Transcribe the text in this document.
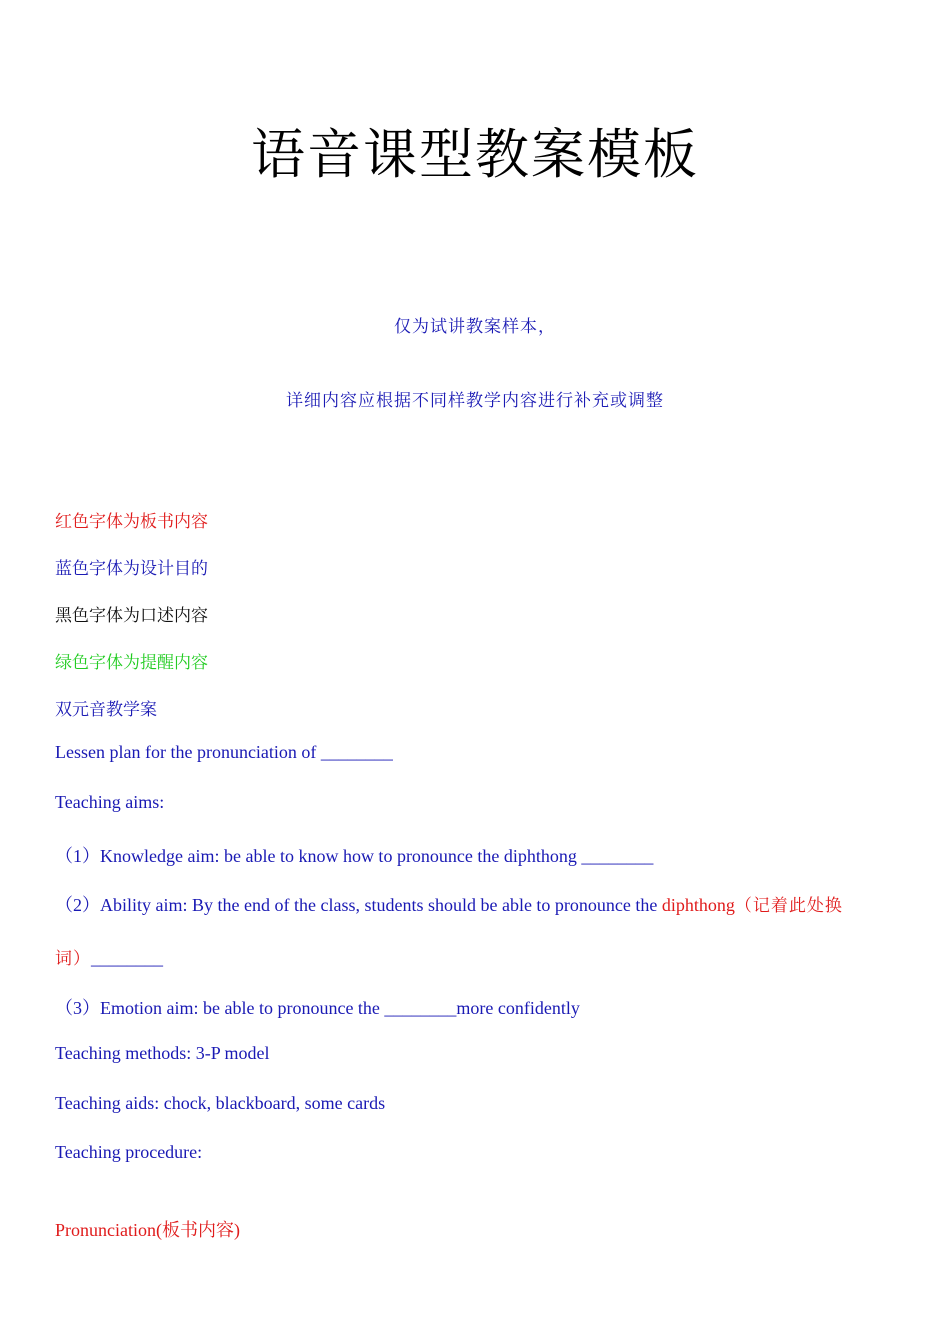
语音课型教案模板
仅为试讲教案样本，
详细内容应根据不同样教学内容进行补充或调整
红色字体为板书内容
蓝色字体为设计目的
黑色字体为口述内容
绿色字体为提醒内容
双元音教学案
Lessen plan for the pronunciation of ________
Teaching aims:
（1）Knowledge aim: be able to know how to pronounce the diphthong ________
（2）Ability aim: By the end of the class, students should be able to pronounce the diphthong（记着此处换
词）________
（3）Emotion aim: be able to pronounce the ________more confidently
Teaching methods: 3-P model
Teaching aids: chock, blackboard, some cards
Teaching procedure:
Pronunciation(板书内容)
